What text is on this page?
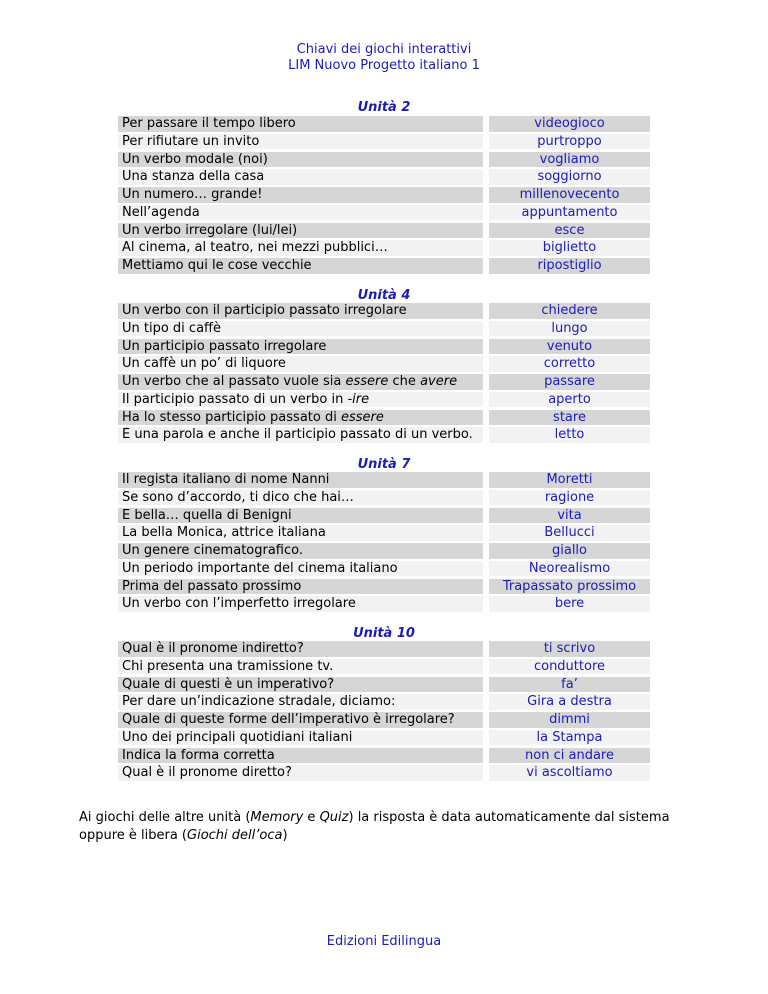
Chiavi dei giochi interattivi
LIM Nuovo Progetto italiano 1
Unità 2
Per passare il tempo libero	videogioco
Per rifiutare un invito	purtroppo
Un verbo modale (noi)	vogliamo
Una stanza della casa	soggiorno
Un numero… grande!	millenovecento
Nell’agenda	appuntamento
Un verbo irregolare (lui/lei)	esce
Al cinema, al teatro, nei mezzi pubblici…	biglietto
Mettiamo qui le cose vecchie	ripostiglio
Unità 4
Un verbo con il participio passato irregolare	chiedere
Un tipo di caffè	lungo
Un participio passato irregolare	venuto
Un caffè un po’ di liquore	corretto
Un verbo che al passato vuole sia essere che avere	passare
Il participio passato di un verbo in -ire	aperto
Ha lo stesso participio passato di essere	stare
È una parola e anche il participio passato di un verbo.	letto
Unità 7
Il regista italiano di nome Nanni	Moretti
Se sono d’accordo, ti dico che hai…	ragione
E bella… quella di Benigni	vita
La bella Monica, attrice italiana	Bellucci
Un genere cinematografico.	giallo
Un periodo importante del cinema italiano	Neorealismo
Prima del passato prossimo	Trapassato prossimo
Un verbo con l’imperfetto irregolare	bere
Unità 10
Qual è il pronome indiretto?	ti scrivo
Chi presenta una tramissione tv.	conduttore
Quale di questi è un imperativo?	fa’
Per dare un’indicazione stradale, diciamo:	Gira a destra
Quale di queste forme dell’imperativo è irregolare?	dimmi
Uno dei principali quotidiani italiani	la Stampa
Indica la forma corretta	non ci andare
Qual è il pronome diretto?	vi ascoltiamo
Ai giochi delle altre unità (Memory e Quiz) la risposta è data automaticamente dal sistema oppure è libera (Giochi dell’oca)
Edizioni Edilingua
